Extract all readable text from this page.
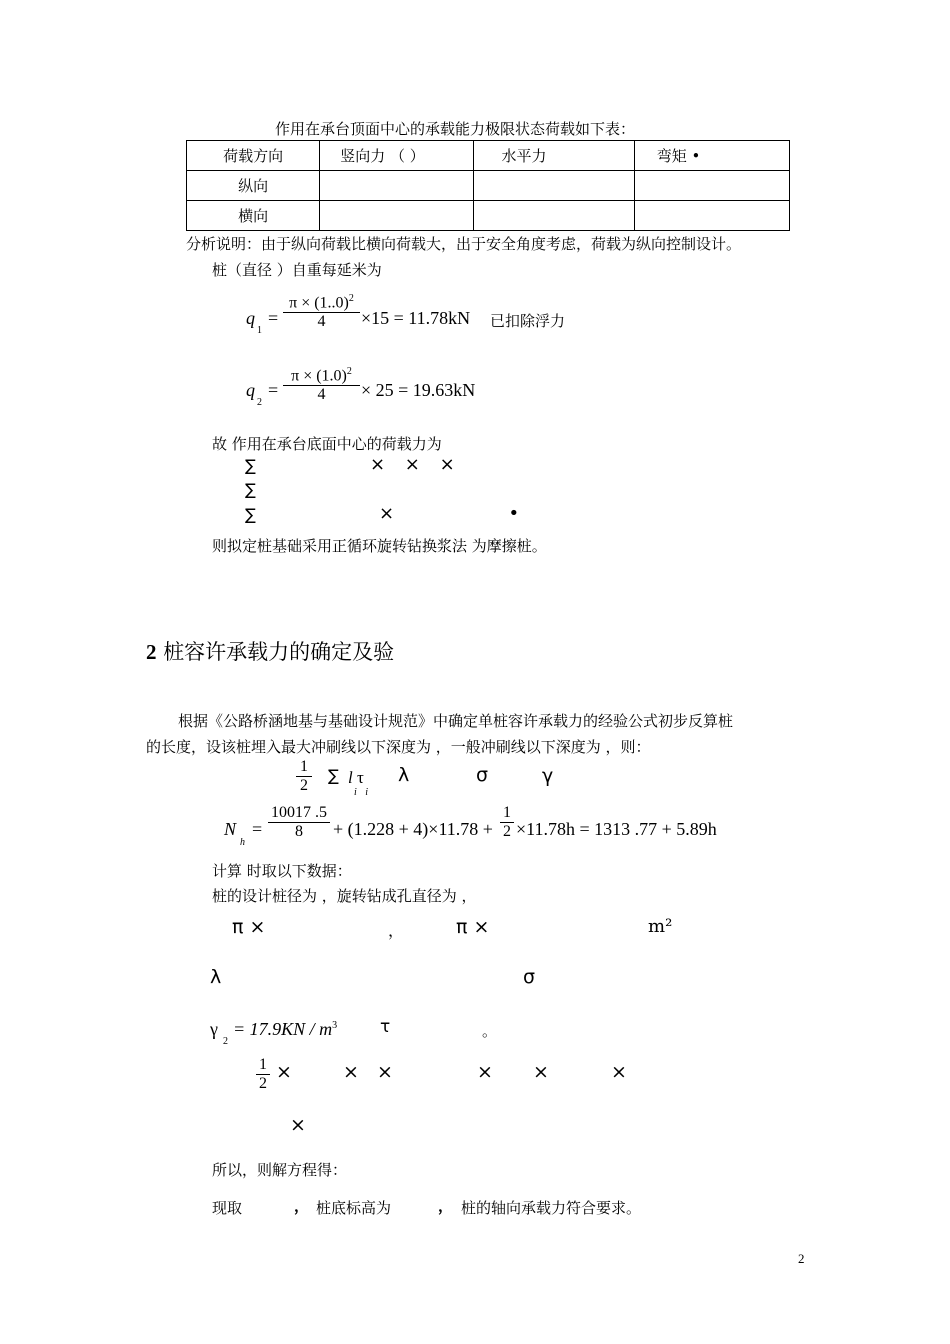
作用在承台顶面中心的承载能力极限状态荷载如下表：
荷载方向	竖向力 （ ）	水平力	弯矩 •
纵向			
横向			
分析说明：由于纵向荷载比横向荷载大，出于安全角度考虑，荷载为纵向控制设计。
桩（直径 ）自重每延米为
q
1
=
$\pi \times (1..0)^2$
4	×15 = 11.78kN 已扣除浮力
q
2
=
$\pi \times (1.0)^2$
4	× 25 = 19.63kN
故 作用在承台底面中心的荷载力为
∑	× × ×
∑
∑	×                    •
则拟定桩基础采用正循环旋转钻换浆法 为摩擦桩。
2 桩容许承载力的确定及验
根据《公路桥涵地基与基础设计规范》中确定单桩容许承载力的经验公式初步反算桩
的长度，设该桩埋入最大冲刷线以下深度为 ，一般冲刷线以下深度为 ，则：
1
2
∑ l τ
i i
λ	σ	γ
N
h
=
10017 .5
8	+ (1.228 + 4)×11.78 +
1
2 ×11.78h = 1313 .77 + 5.89h
计算 时取以下数据：
桩的设计桩径为 ，旋转钻成孔直径为 ，
π ×	，	π ×	m²
λ	σ
γ
2
= $17.9KN / m^3$	τ	。
1
2
×	× ×	× ×	×
×
所以，则解方程得：
现取	， 桩底标高为	， 桩的轴向承载力符合要求。
2
